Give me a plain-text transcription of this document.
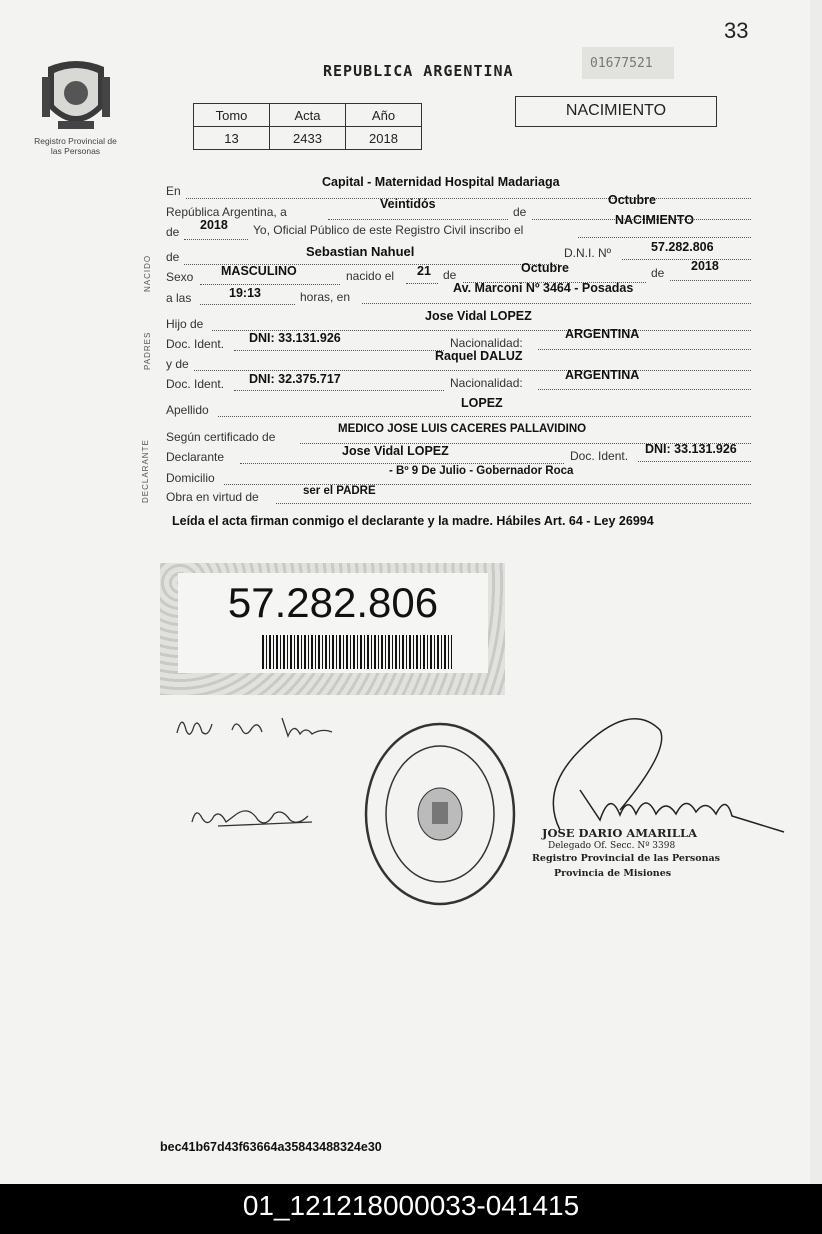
33
Registro Provincial de las Personas
REPUBLICA ARGENTINA	01677521
Tomo	Acta	Año
13	2433	2018
NACIMIENTO
NACIDO
PADRES
DECLARANTE
En
Capital - Maternidad Hospital Madariaga
República Argentina, a
Veintidós
de
Octubre
de 2018 Yo, Oficial Público de este Registro Civil inscribo el
NACIMIENTO
de	Sebastian Nahuel	D.N.I. Nº	57.282.806
Sexo MASCULINO	nacido el 21 de	Octubre	de 2018
a las	19:13	horas, en
Av. Marconi Nº 3464 - Posadas
Hijo de
Jose Vidal LOPEZ
Doc. Ident. DNI: 33.131.926	Nacionalidad:
ARGENTINA
y de
Raquel DALUZ
Doc. Ident. DNI: 32.375.717	Nacionalidad:
ARGENTINA
Apellido	LOPEZ
Según certificado de
MEDICO JOSE LUIS CACERES PALLAVIDINO
Declarante	Jose Vidal LOPEZ	Doc. Ident. DNI: 33.131.926
Domicilio	- Bº 9 De Julio - Gobernador Roca
Obra en virtud de	ser el PADRE
Leída el acta firman conmigo el declarante y la madre. Hábiles Art. 64 - Ley 26994
57.282.806
JOSE DARIO AMARILLA
Delegado Of. Secc. Nº 3398
Registro Provincial de las Personas
Provincia de Misiones
bec41b67d43f63664a35843488324e30
01_121218000033-041415
